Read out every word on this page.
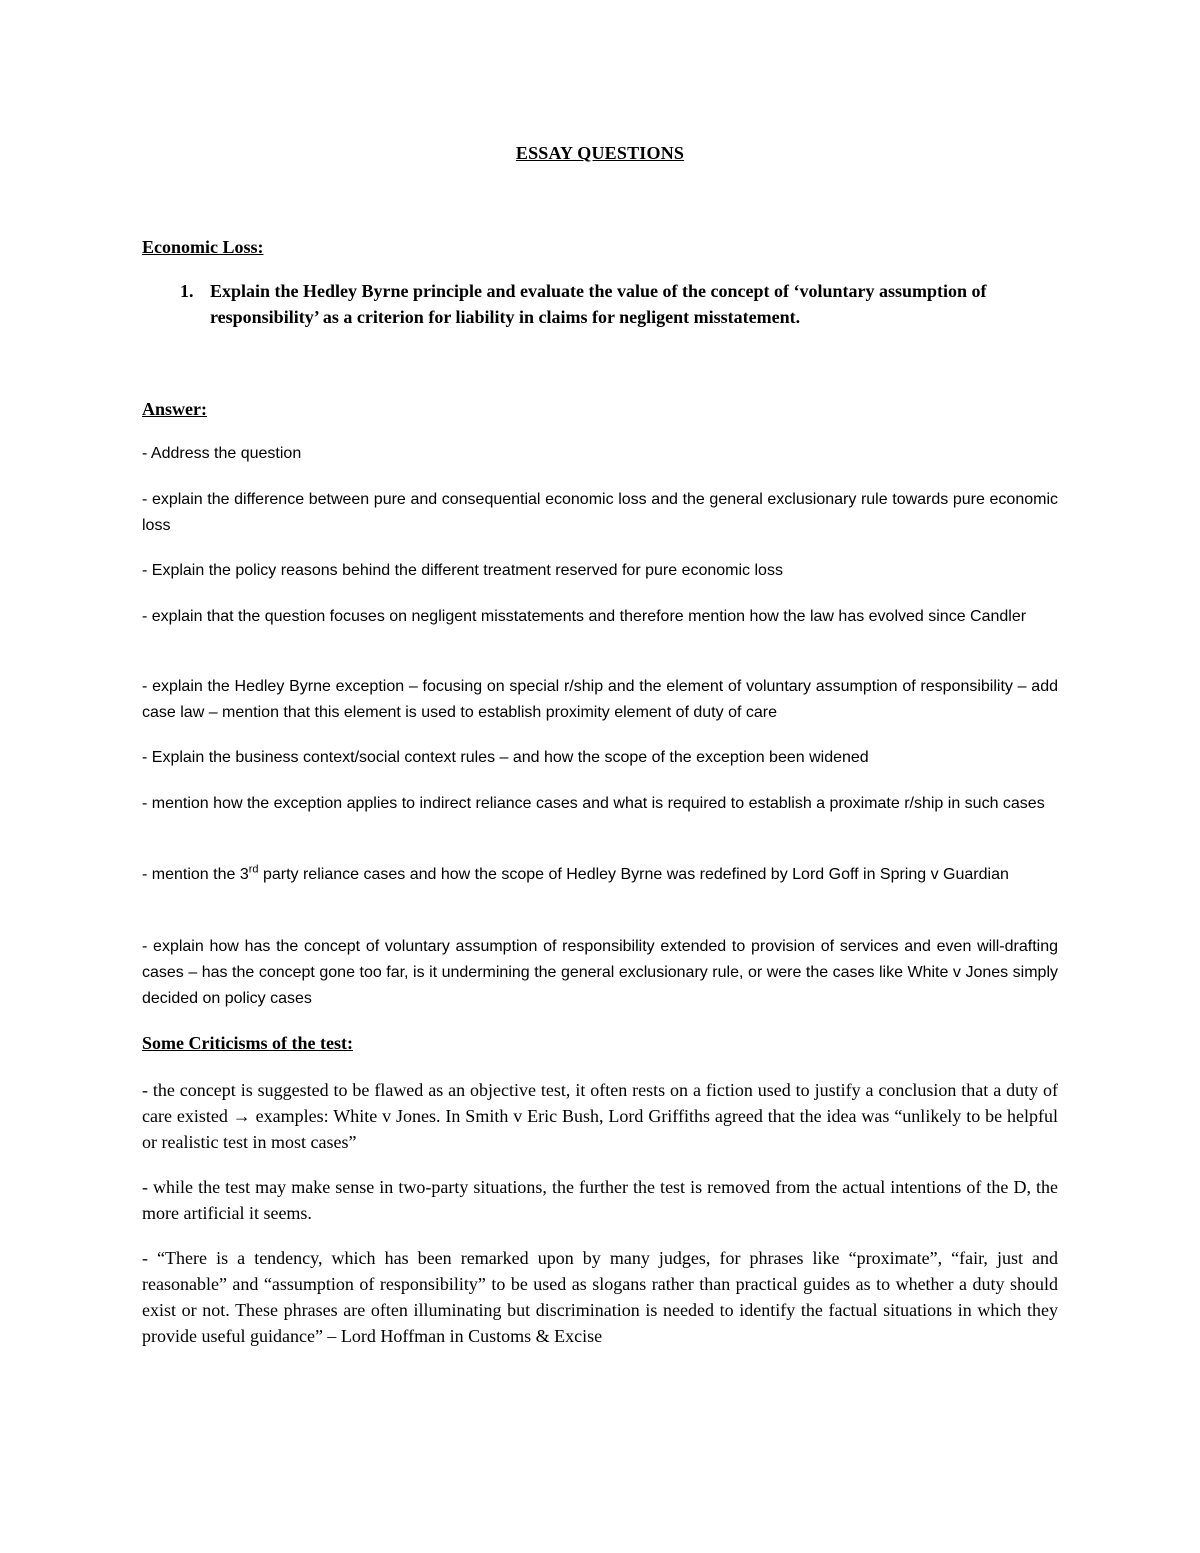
ESSAY QUESTIONS
Economic Loss:
1. Explain the Hedley Byrne principle and evaluate the value of the concept of ‘voluntary assumption of responsibility’ as a criterion for liability in claims for negligent misstatement.
Answer:
- Address the question
- explain the difference between pure and consequential economic loss and the general exclusionary rule towards pure economic loss
- Explain the policy reasons behind the different treatment reserved for pure economic loss
- explain that the question focuses on negligent misstatements and therefore mention how the law has evolved since Candler
- explain the Hedley Byrne exception – focusing on special r/ship and the element of voluntary assumption of responsibility – add case law – mention that this element is used to establish proximity element of duty of care
- Explain the business context/social context rules – and how the scope of the exception been widened
- mention how the exception applies to indirect reliance cases and what is required to establish a proximate r/ship in such cases
- mention the 3rd party reliance cases and how the scope of Hedley Byrne was redefined by Lord Goff in Spring v Guardian
- explain how has the concept of voluntary assumption of responsibility extended to provision of services and even will-drafting cases – has the concept gone too far, is it undermining the general exclusionary rule, or were the cases like White v Jones simply decided on policy cases
Some Criticisms of the test:
- the concept is suggested to be flawed as an objective test, it often rests on a fiction used to justify a conclusion that a duty of care existed → examples: White v Jones. In Smith v Eric Bush, Lord Griffiths agreed that the idea was “unlikely to be helpful or realistic test in most cases”
- while the test may make sense in two-party situations, the further the test is removed from the actual intentions of the D, the more artificial it seems.
- “There is a tendency, which has been remarked upon by many judges, for phrases like “proximate”, “fair, just and reasonable” and “assumption of responsibility” to be used as slogans rather than practical guides as to whether a duty should exist or not. These phrases are often illuminating but discrimination is needed to identify the factual situations in which they provide useful guidance” – Lord Hoffman in Customs & Excise
